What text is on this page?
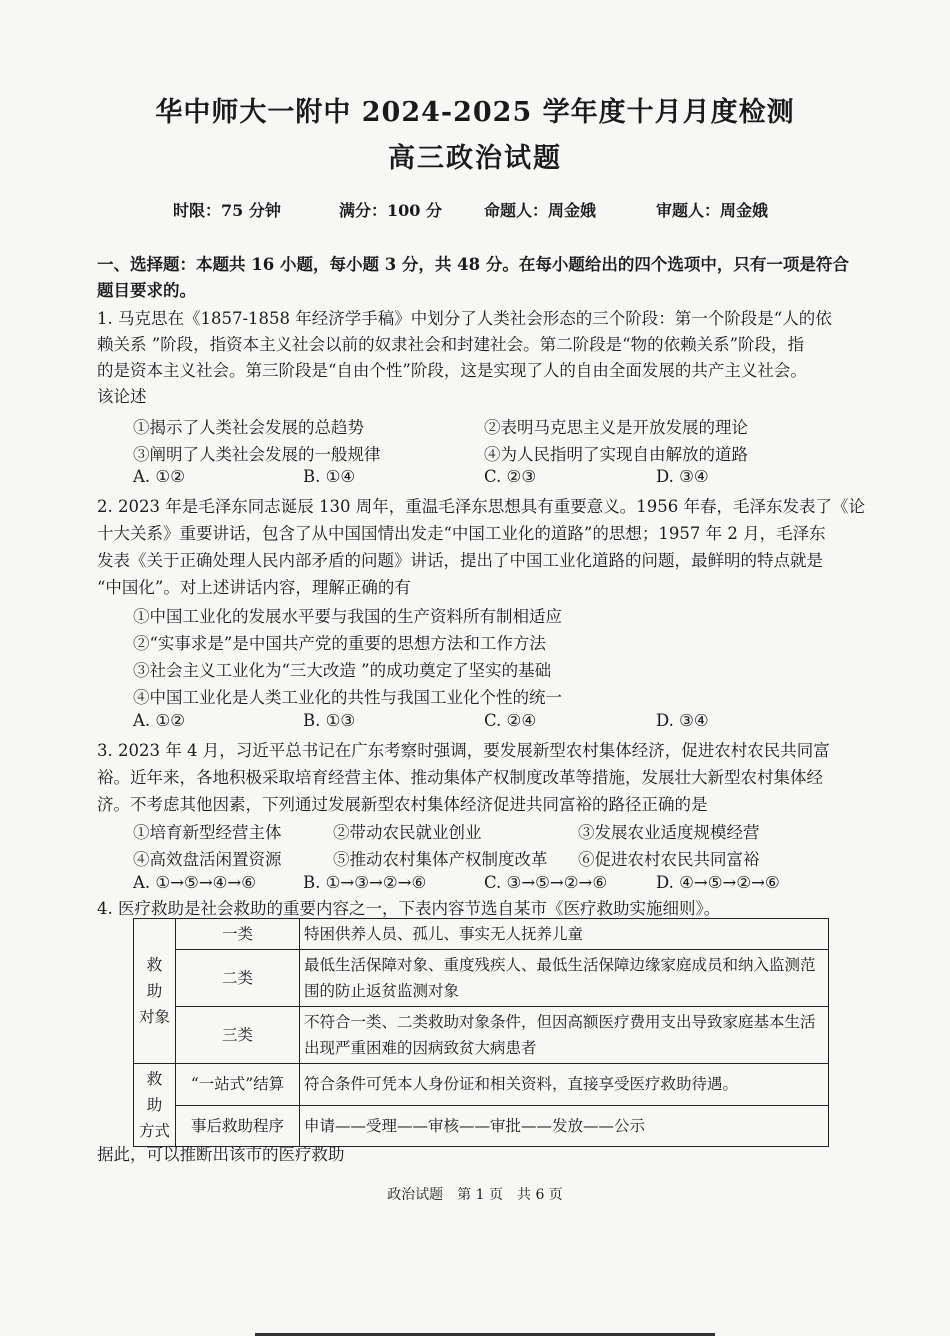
华中师大一附中 2024-2025 学年度十月月度检测
高三政治试题
时限：75 分钟	满分：100 分	命题人：周金娥	审题人：周金娥
一、选择题：本题共 16 小题，每小题 3 分，共 48 分。在每小题给出的四个选项中，只有一项是符合
题目要求的。
1. 马克思在《1857-1858 年经济学手稿》中划分了人类社会形态的三个阶段：第一个阶段是“人的依
赖关系 ”阶段，指资本主义社会以前的奴隶社会和封建社会。第二阶段是“物的依赖关系”阶段，指
的是资本主义社会。第三阶段是“自由个性”阶段，这是实现了人的自由全面发展的共产主义社会。
该论述
①揭示了人类社会发展的总趋势	②表明马克思主义是开放发展的理论
③阐明了人类社会发展的一般规律	④为人民指明了实现自由解放的道路
A. ①②	B. ①④	C. ②③	D. ③④
2. 2023 年是毛泽东同志诞辰 130 周年，重温毛泽东思想具有重要意义。1956 年春，毛泽东发表了《论
十大关系》重要讲话，包含了从中国国情出发走“中国工业化的道路”的思想；1957 年 2 月，毛泽东
发表《关于正确处理人民内部矛盾的问题》讲话，提出了中国工业化道路的问题，最鲜明的特点就是
“中国化”。对上述讲话内容，理解正确的有
①中国工业化的发展水平要与我国的生产资料所有制相适应
②“实事求是”是中国共产党的重要的思想方法和工作方法
③社会主义工业化为“三大改造 ”的成功奠定了坚实的基础
④中国工业化是人类工业化的共性与我国工业化个性的统一
A. ①②	B. ①③	C. ②④	D. ③④
3. 2023 年 4 月，习近平总书记在广东考察时强调，要发展新型农村集体经济，促进农村农民共同富
裕。近年来，各地积极采取培育经营主体、推动集体产权制度改革等措施，发展壮大新型农村集体经
济。不考虑其他因素，下列通过发展新型农村集体经济促进共同富裕的路径正确的是
①培育新型经营主体	②带动农民就业创业	③发展农业适度规模经营
④高效盘活闲置资源	⑤推动农村集体产权制度改革 ⑥促进农村农民共同富裕
A. ①→⑤→④→⑥	B. ①→③→②→⑥	C. ③→⑤→②→⑥	D. ④→⑤→②→⑥
4. 医疗救助是社会救助的重要内容之一，下表内容节选自某市《医疗救助实施细则》。
救 助 对象	一类	特困供养人员、孤儿、事实无人抚养儿童
	二类	最低生活保障对象、重度残疾人、最低生活保障边缘家庭成员和纳入监测范围的防止返贫监测对象
	三类	不符合一类、二类救助对象条件，但因高额医疗费用支出导致家庭基本生活出现严重困难的因病致贫大病患者
救 助 方式	“一站式”结算	符合条件可凭本人身份证和相关资料，直接享受医疗救助待遇。
	事后救助程序	申请——受理——审核——审批——发放——公示
据此，可以推断出该市的医疗救助
政治试题　第 1 页　共 6 页
